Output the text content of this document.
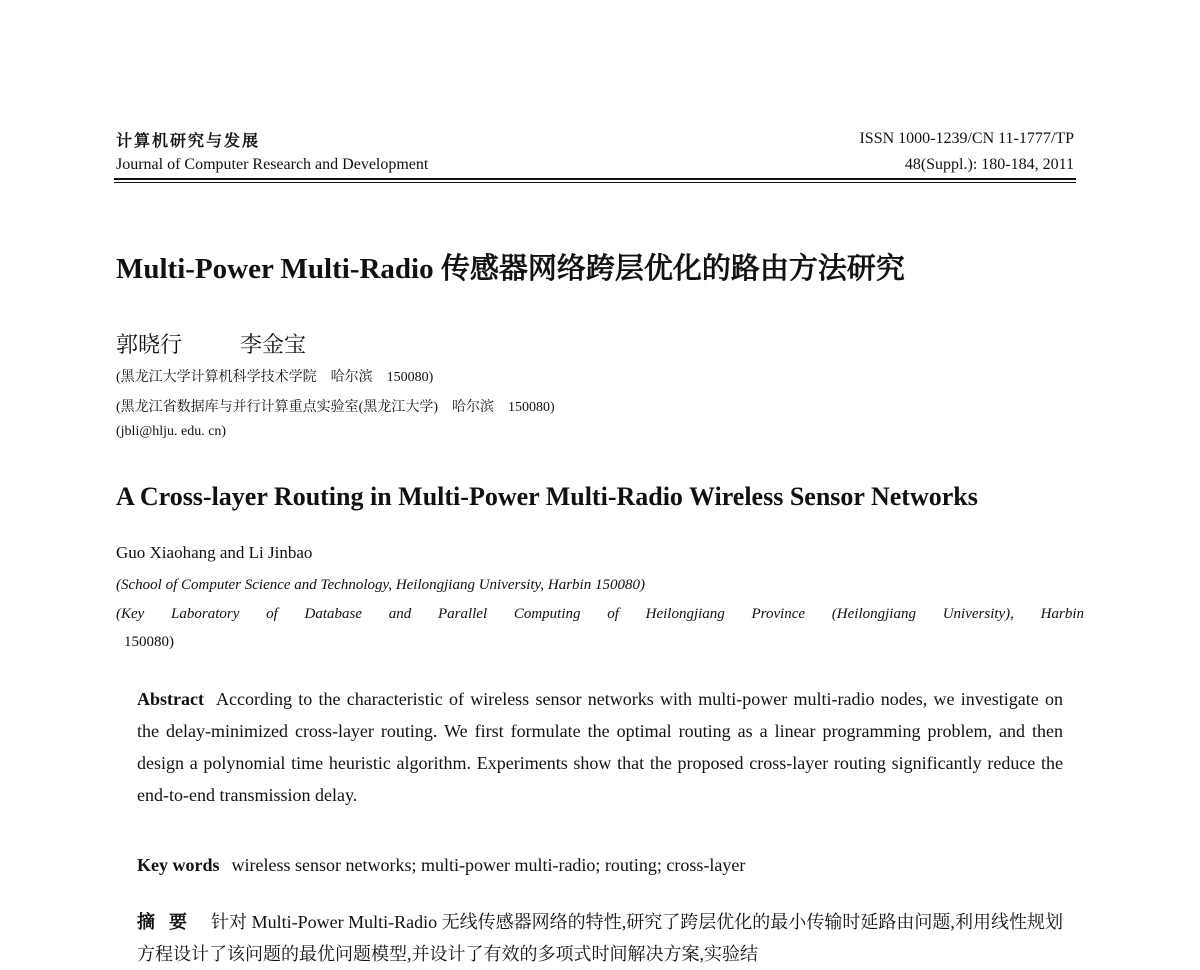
计算机研究与发展
Journal of Computer Research and Development
ISSN 1000-1239/CN 11-1777/TP
48(Suppl.): 180-184, 2011
Multi-Power Multi-Radio 传感器网络跨层优化的路由方法研究
郭晓行	李金宝
(黑龙江大学计算机科学技术学院　哈尔滨　150080)
(黑龙江省数据库与并行计算重点实验室(黑龙江大学)　哈尔滨　150080)
(jbli@hlju. edu. cn)
A Cross-layer Routing in Multi-Power Multi-Radio Wireless Sensor Networks
Guo Xiaohang and Li Jinbao
(School of Computer Science and Technology, Heilongjiang University, Harbin 150080)
(Key Laboratory of Database and Parallel Computing of Heilongjiang Province (Heilongjiang University), Harbin
150080)
Abstract According to the characteristic of wireless sensor networks with multi-power multi-radio nodes, we investigate on the delay-minimized cross-layer routing. We first formulate the optimal routing as a linear programming problem, and then design a polynomial time heuristic algorithm. Experiments show that the proposed cross-layer routing significantly reduce the end-to-end transmission delay.
Key words wireless sensor networks; multi-power multi-radio; routing; cross-layer
摘要 针对 Multi-Power Multi-Radio 无线传感器网络的特性,研究了跨层优化的最小传输时延路由问题,利用线性规划方程设计了该问题的最优问题模型,并设计了有效的多项式时间解决方案,实验结
